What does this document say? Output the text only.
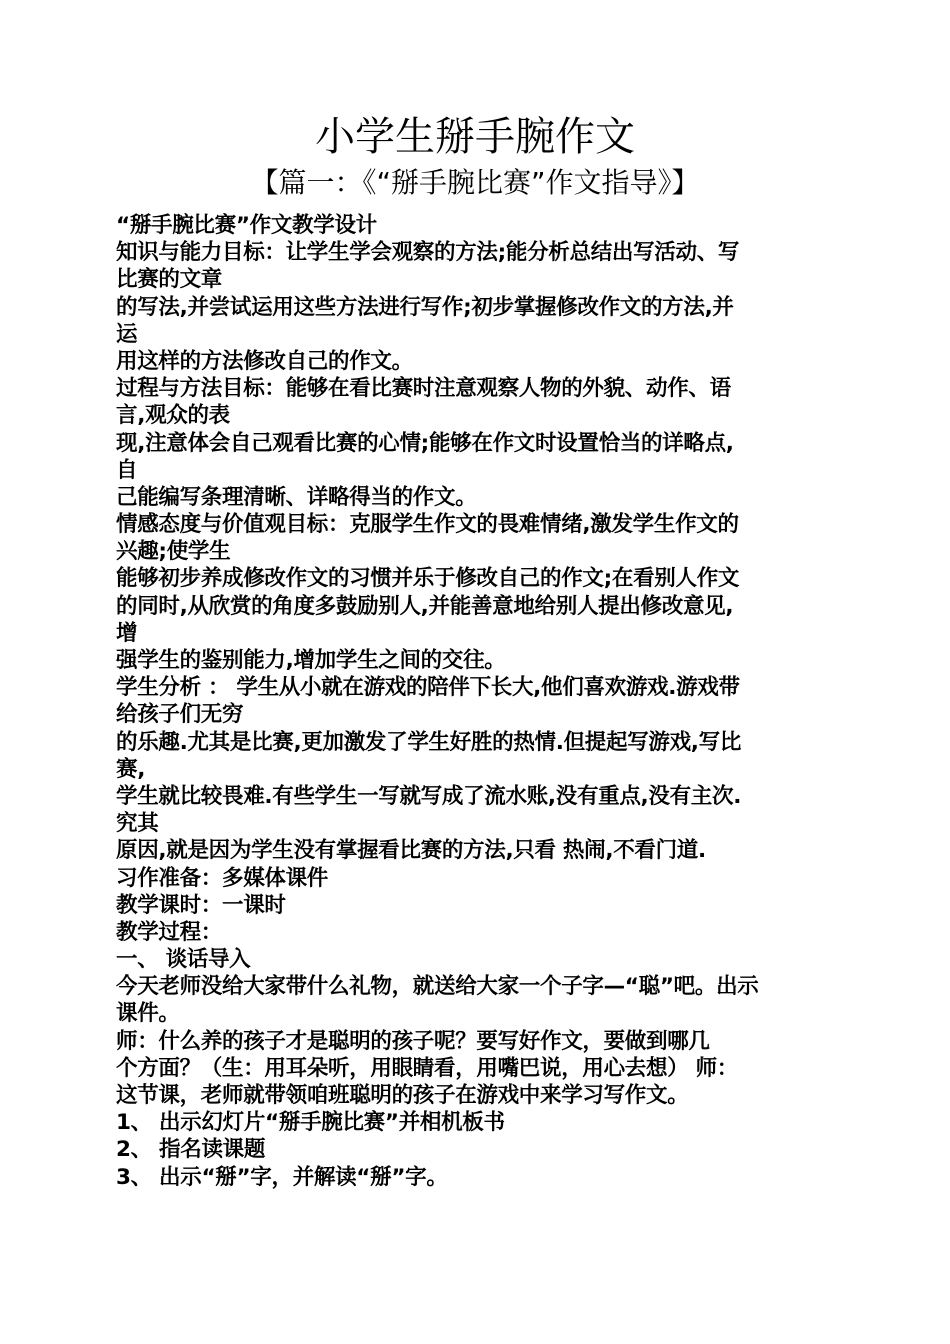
小学生掰手腕作文
【篇一：《“掰手腕比赛”作文指导》】
“掰手腕比赛”作文教学设计
知识与能力目标：让学生学会观察的方法;能分析总结出写活动、写
比赛的文章
的写法,并尝试运用这些方法进行写作;初步掌握修改作文的方法,并
运
用这样的方法修改自己的作文。
过程与方法目标：能够在看比赛时注意观察人物的外貌、动作、语
言,观众的表
现,注意体会自己观看比赛的心情;能够在作文时设置恰当的详略点,
自
己能编写条理清晰、详略得当的作文。
情感态度与价值观目标：克服学生作文的畏难情绪,激发学生作文的
兴趣;使学生
能够初步养成修改作文的习惯并乐于修改自己的作文;在看别人作文
的同时,从欣赏的角度多鼓励别人,并能善意地给别人提出修改意见,
增
强学生的鉴别能力,增加学生之间的交往。
学生分析 ： 学生从小就在游戏的陪伴下长大,他们喜欢游戏.游戏带
给孩子们无穷
的乐趣.尤其是比赛,更加激发了学生好胜的热情.但提起写游戏,写比
赛,
学生就比较畏难.有些学生一写就写成了流水账,没有重点,没有主次.
究其
原因,就是因为学生没有掌握看比赛的方法,只看 热闹,不看门道.
习作准备：多媒体课件
教学课时：一课时
教学过程：
一、 谈话导入
今天老师没给大家带什么礼物，就送给大家一个子字—“聪”吧。出示
课件。
师：什么养的孩子才是聪明的孩子呢？要写好作文，要做到哪几
个方面？（生：用耳朵听，用眼睛看，用嘴巴说，用心去想） 师：
这节课，老师就带领咱班聪明的孩子在游戏中来学习写作文。
1、 出示幻灯片“掰手腕比赛”并相机板书
2、 指名读课题
3、 出示“掰”字，并解读“掰”字。
